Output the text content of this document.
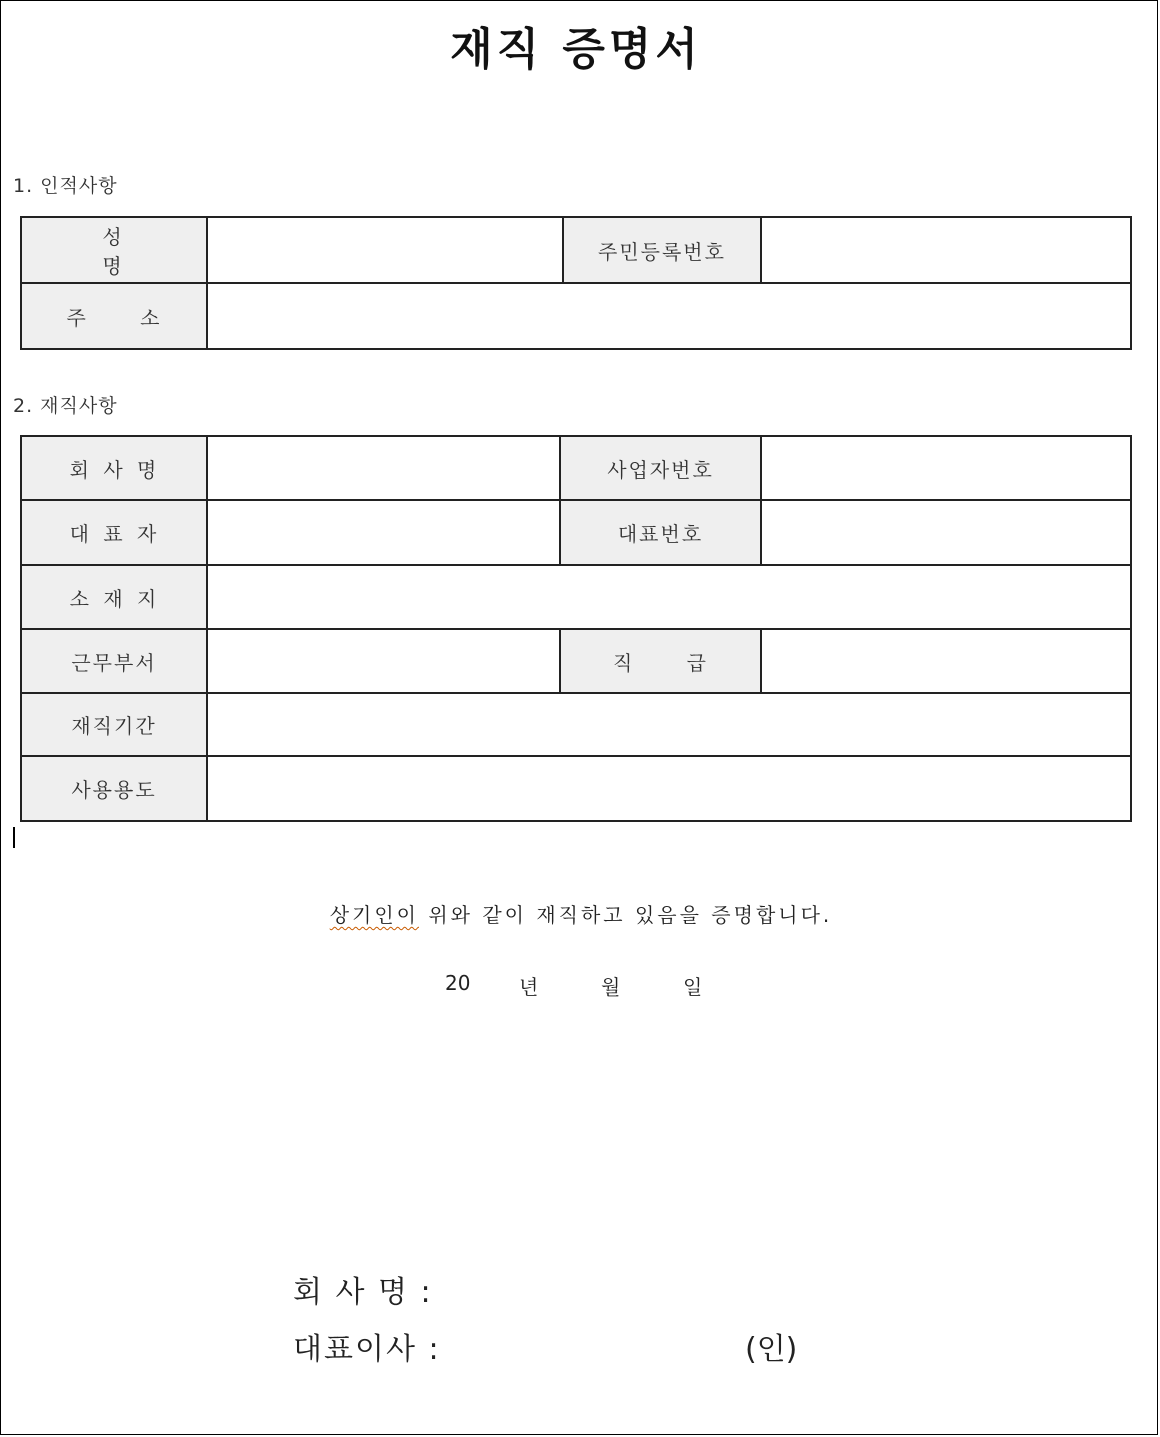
재직 증명서
1. 인적사항
성 명		주민등록번호	
주 소			
2. 재직사항
회 사 명		사업자번호	
대 표 자		대표번호	
소 재 지			
근무부서		직 급	
재직기간			
사용용도			
상기인이 위와 같이 재직하고 있음을 증명합니다.
20 년	월	일
회 사 명 :
대표이사 :	(인)
